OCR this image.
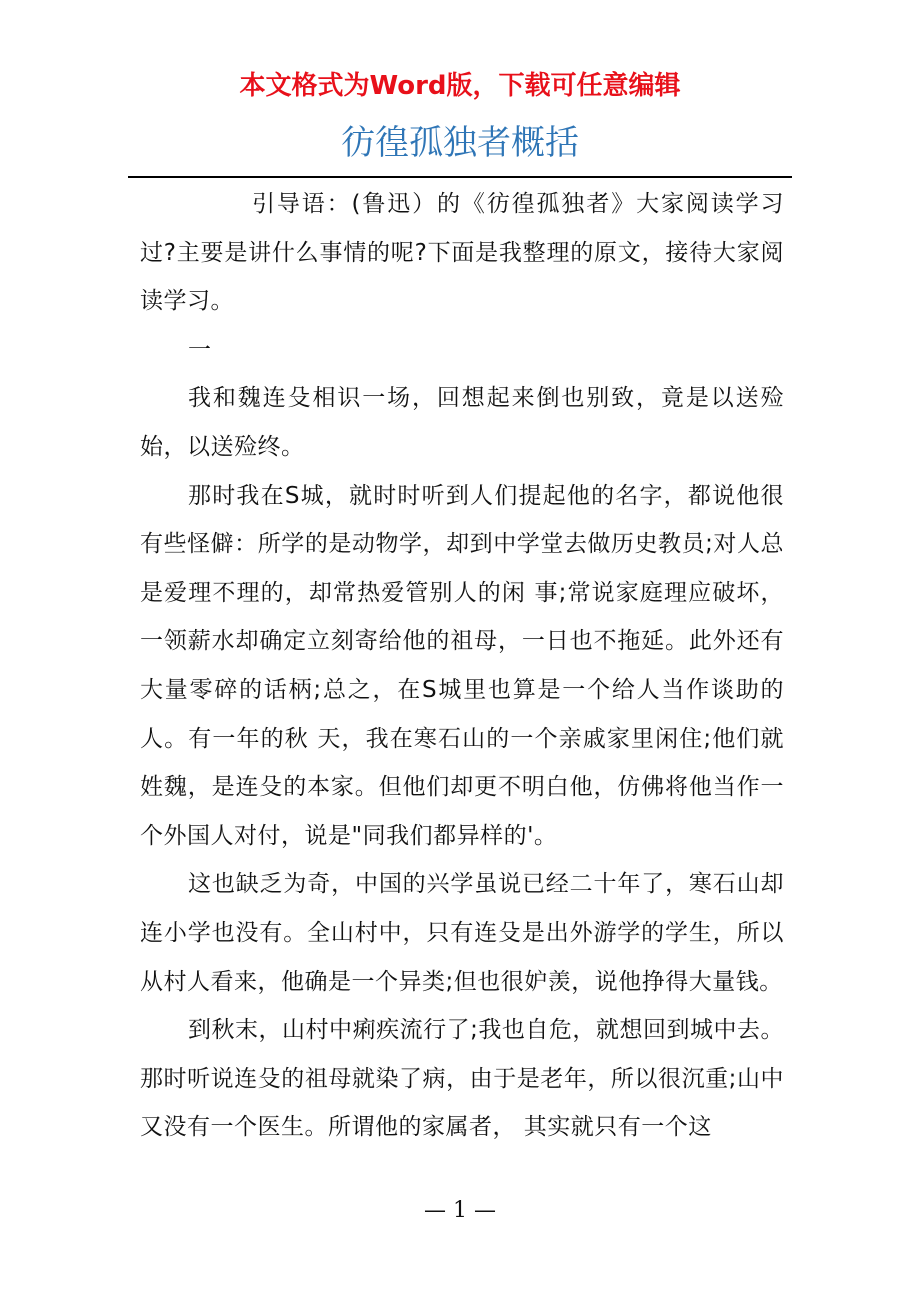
本文格式为Word版，下载可任意编辑
彷徨孤独者概括

引导语：(鲁迅）的《彷徨孤独者》大家阅读学习过?主要是讲什么事情的呢?下面是我整理的原文，接待大家阅读学习。

一

我和魏连殳相识一场，回想起来倒也别致，竟是以送殓始，以送殓终。

那时我在S城，就时时听到人们提起他的名字，都说他很有些怪僻：所学的是动物学，却到中学堂去做历史教员;对人总是爱理不理的，却常热爱管别人的闲 事;常说家庭理应破坏，一领薪水却确定立刻寄给他的祖母，一日也不拖延。此外还有大量零碎的话柄;总之，在S城里也算是一个给人当作谈助的人。有一年的秋 天，我在寒石山的一个亲戚家里闲住;他们就姓魏，是连殳的本家。但他们却更不明白他，仿佛将他当作一个外国人对付，说是"同我们都异样的'。

这也缺乏为奇，中国的兴学虽说已经二十年了，寒石山却连小学也没有。全山村中，只有连殳是出外游学的学生，所以从村人看来，他确是一个异类;但也很妒羡，说他挣得大量钱。

到秋末，山村中痢疾流行了;我也自危，就想回到城中去。那时听说连殳的祖母就染了病，由于是老年，所以很沉重;山中又没有一个医生。所谓他的家属者， 其实就只有一个这

— 1 —
